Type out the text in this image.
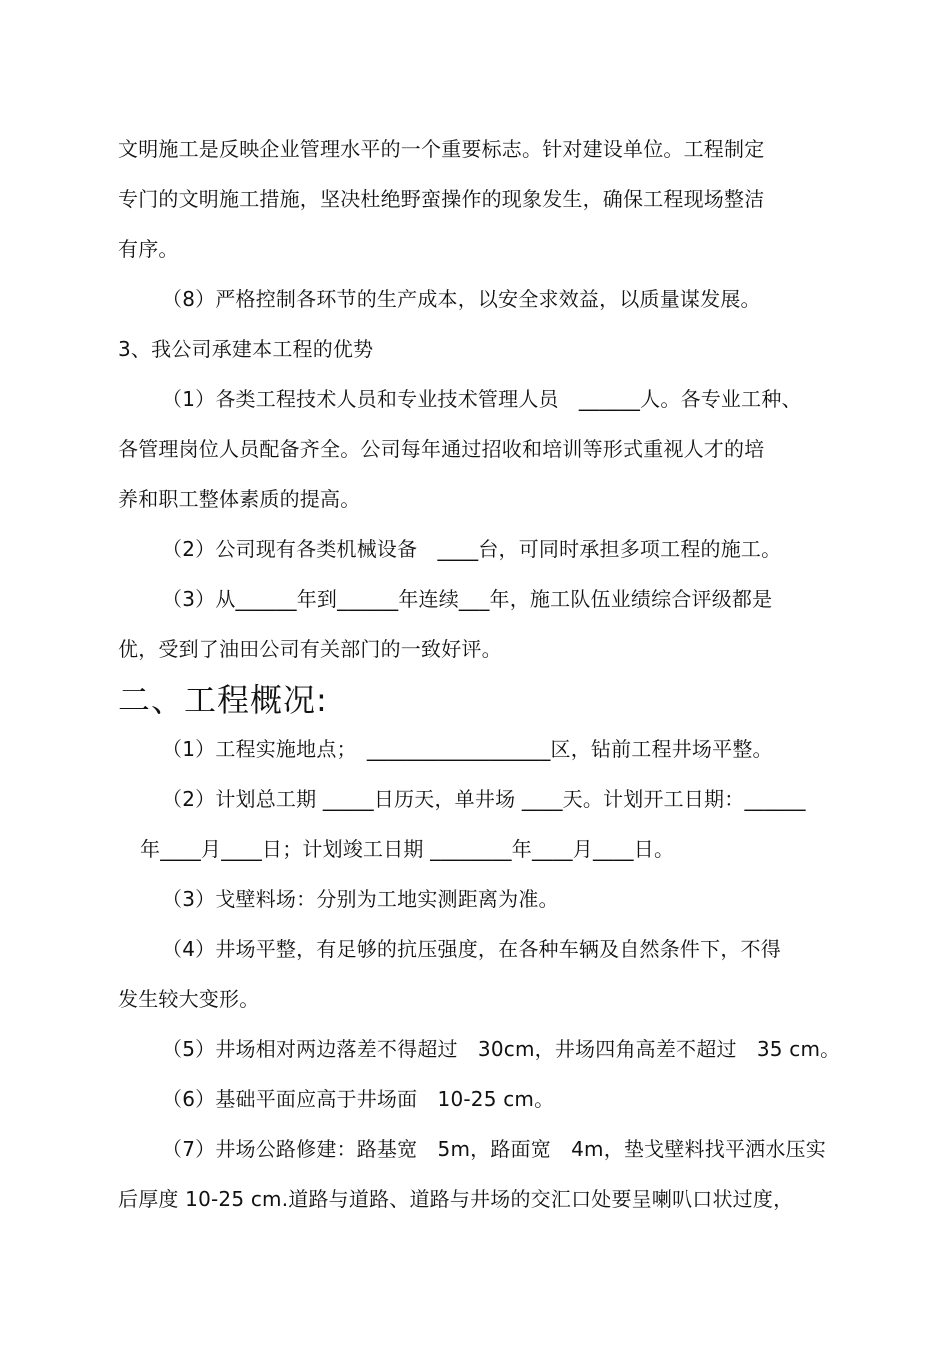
文明施工是反映企业管理水平的一个重要标志。针对建设单位。工程制定
专门的文明施工措施，坚决杜绝野蛮操作的现象发生，确保工程现场整洁
有序。
（8）严格控制各环节的生产成本，以安全求效益，以质量谋发展。
3、我公司承建本工程的优势
（1）各类工程技术人员和专业技术管理人员　______人。各专业工种、
各管理岗位人员配备齐全。公司每年通过招收和培训等形式重视人才的培
养和职工整体素质的提高。
（2）公司现有各类机械设备　____台，可同时承担多项工程的施工。
（3）从______年到______年连续___年，施工队伍业绩综合评级都是
优，受到了油田公司有关部门的一致好评。
二、工程概况:
（1）工程实施地点；　__________________区，钻前工程井场平整。
（2）计划总工期 _____日历天，单井场 ____天。计划开工日期：______
年____月____日；计划竣工日期 ________年____月____日。
（3）戈壁料场：分别为工地实测距离为准。
（4）井场平整，有足够的抗压强度，在各种车辆及自然条件下，不得
发生较大变形。
（5）井场相对两边落差不得超过　30cm，井场四角高差不超过　35 cm。
（6）基础平面应高于井场面　10-25 cm。
（7）井场公路修建：路基宽　5m，路面宽　4m，垫戈壁料找平洒水压实
后厚度 10-25 cm.道路与道路、道路与井场的交汇口处要呈喇叭口状过度，
